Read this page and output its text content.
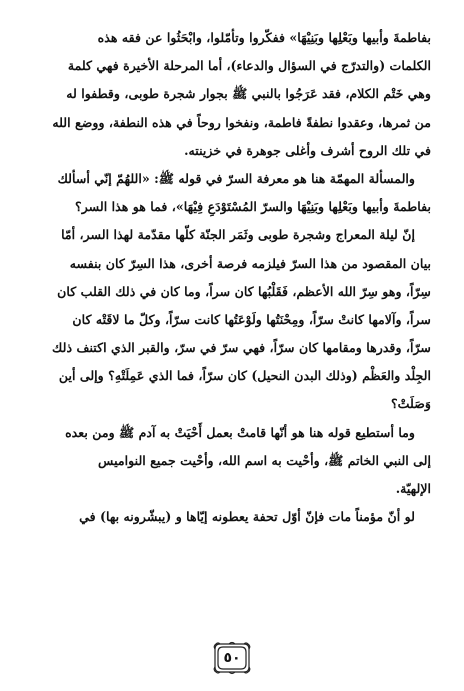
بفاطمةَ وأبيها وبَعْلِها وبَنِيْهَا» ففكّروا وتأمّلوا، وابْحَثُوا عن فقه هذه
الكلمات (والتدرّج في السؤال والدعاء)، أما المرحلة الأخيرة فهي كلمة
وهي خَتْم الكلام، فقد عَرَجُوا بالنبي ﷺ بجوار شجرة طوبى، وقطفوا له
من ثمرها، وعقدوا نطفةً فاطمة، ونفخوا روحاً في هذه النطفة، ووضع الله
في تلك الروح أشرف وأغلى جوهرة في خزينته.
والمسألة المهمّة هنا هو معرفة السرّ في قوله ﷺ: «اللهُمّ إنّي أسألك
بفاطمةَ وأبيها وبَعْلِها وبَنِيْهَا والسرّ المُسْتَوْدَعِ فِيْهَا»، فما هو هذا السر؟
إنّ ليلة المعراج وشجرة طوبى وثَمَر الجنّة كلّها مقدّمة لهذا السر، أمّا
بيان المقصود من هذا السرّ فيلزمه فرصة أخرى، هذا السِرّ كان بنفسه
سِرّاً، وهو سِرّ الله الأعظم، فَقَلْبُها كان سراً، وما كان في ذلك القلب كان
سراً، وآلامها كانتْ سرّاً، ومِحْنَتُها ولَوْعَتُها كانت سرّاً، وكلّ ما لاقَتْه كان
سرّاً، وقدرها ومقامها كان سرّاً، فهي سرّ في سرّ، والقبر الذي اكتنف ذلك
الجِلْد والعَظْم (وذلك البدن النحيل) كان سرّاً، فما الذي عَمِلَتْهِ؟ وإلى أين
وَصَلَتْ؟
وما أستطيع قوله هنا هو أنّها قامتْ بعمل أَحْيَتْ به آدم ﷺ ومن بعده
إلى النبي الخاتم ﷺ، وأحْيت به اسم الله، وأحْيت جميع النواميس
الإلهيّة.
لو أنّ مؤمناً مات فإنّ أوّل تحفة يعطونه إيّاها و (يبشّرونه بها) في
٥٠
